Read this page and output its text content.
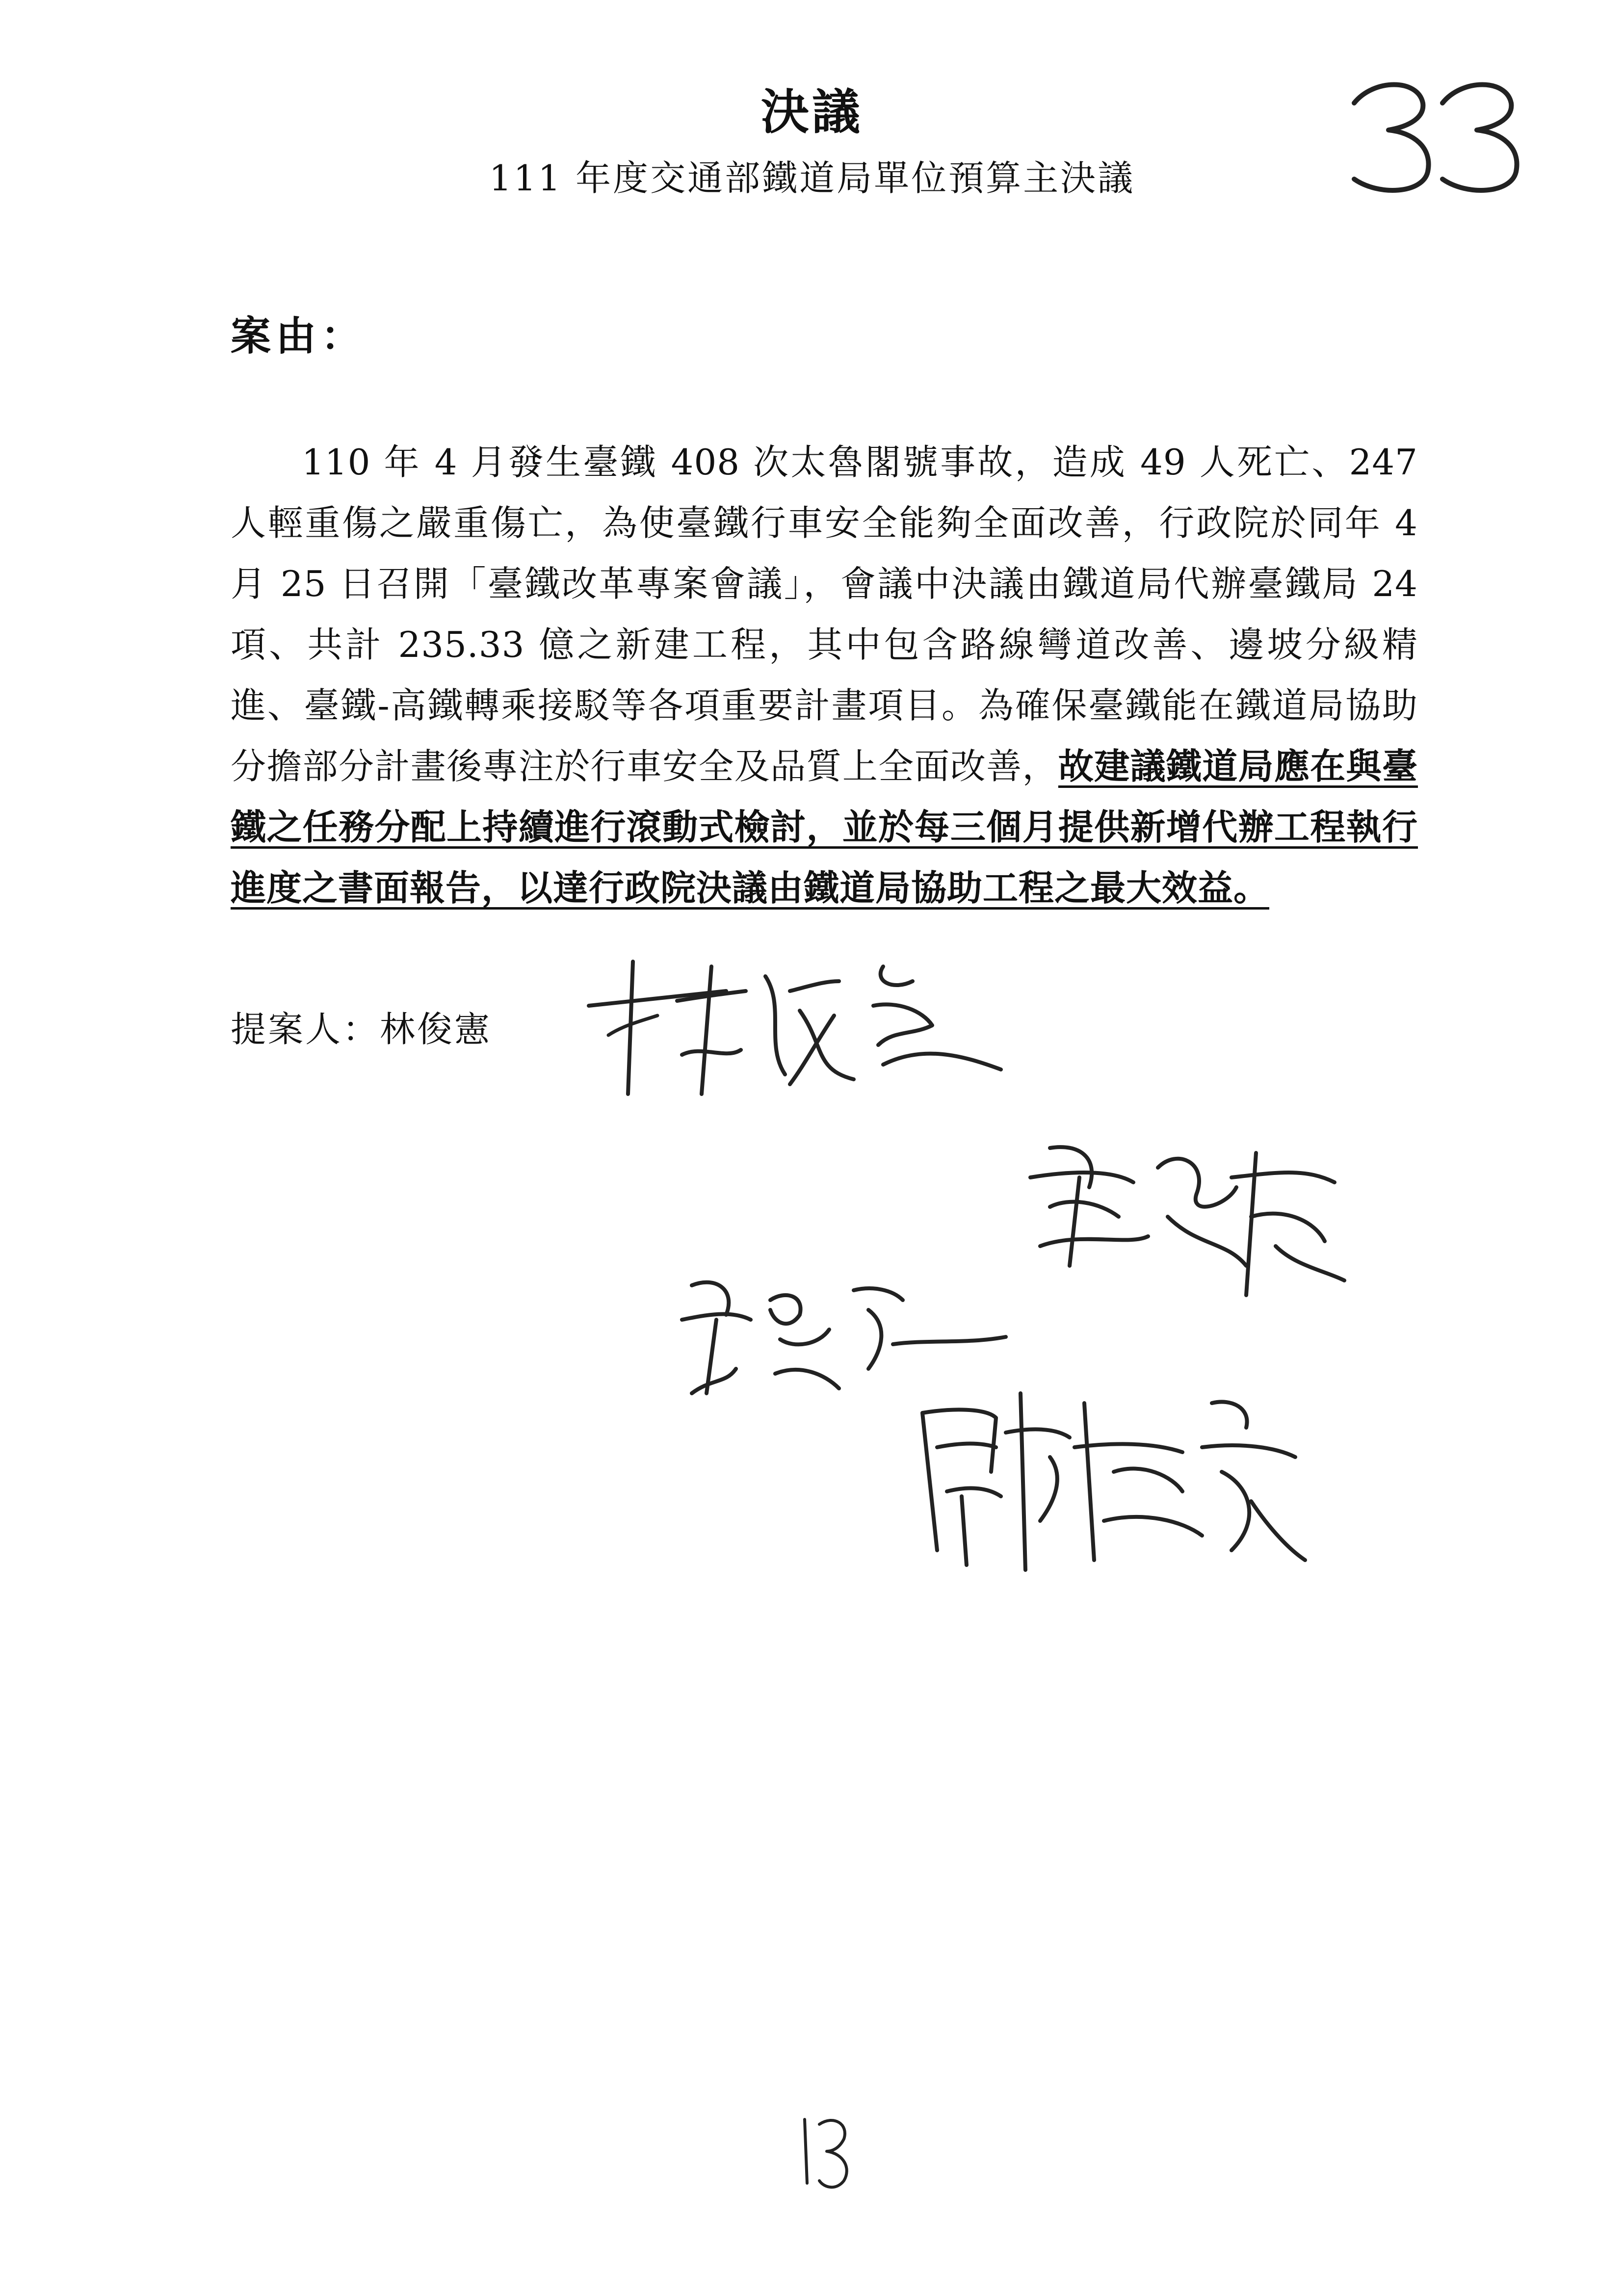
決議
111 年度交通部鐵道局單位預算主決議
案由：
110 年 4 月發生臺鐵 408 次太魯閣號事故，造成 49 人死亡、247 人輕重傷之嚴重傷亡，為使臺鐵行車安全能夠全面改善，行政院於同年 4 月 25 日召開「臺鐵改革專案會議」，會議中決議由鐵道局代辦臺鐵局 24 項、共計 235.33 億之新建工程，其中包含路線彎道改善、邊坡分級精進、臺鐵-高鐵轉乘接駁等各項重要計畫項目。為確保臺鐵能在鐵道局協助分擔部分計畫後專注於行車安全及品質上全面改善，故建議鐵道局應在與臺鐵之任務分配上持續進行滾動式檢討，並於每三個月提供新增代辦工程執行進度之書面報告，以達行政院決議由鐵道局協助工程之最大效益。
提案人：林俊憲
